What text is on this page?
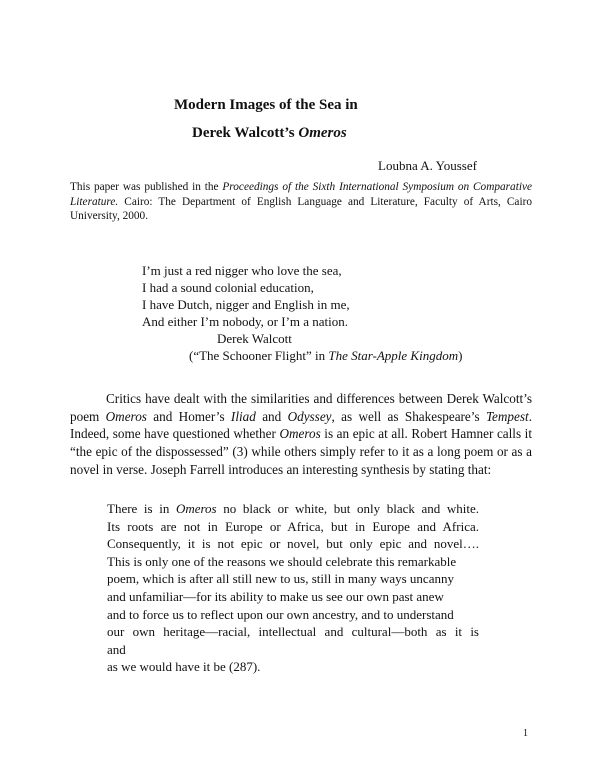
Modern Images of the Sea in
Derek Walcott’s Omeros
Loubna A. Youssef
This paper was published in the Proceedings of the Sixth International Symposium on Comparative Literature. Cairo: The Department of English Language and Literature, Faculty of Arts, Cairo University, 2000.
I’m just a red nigger who love the sea,
I had a sound colonial education,
I have Dutch, nigger and English in me,
And either I’m nobody, or I’m a nation.
Derek Walcott
(“The Schooner Flight” in The Star-Apple Kingdom)
Critics have dealt with the similarities and differences between Derek Walcott’s poem Omeros and Homer’s Iliad and Odyssey, as well as Shakespeare’s Tempest. Indeed, some have questioned whether Omeros is an epic at all. Robert Hamner calls it “the epic of the dispossessed” (3) while others simply refer to it as a long poem or as a novel in verse. Joseph Farrell introduces an interesting synthesis by stating that:
There is in Omeros no black or white, but only black and white.
Its roots are not in Europe or Africa, but in Europe and Africa.
Consequently, it is not epic or novel, but only epic and novel….
This is only one of the reasons we should celebrate this remarkable
poem, which is after all still new to us, still in many ways uncanny
and unfamiliar—for its ability to make us see our own past anew
and to force us to reflect upon our own ancestry, and to understand
our own heritage—racial, intellectual and cultural—both as it is
and
as we would have it be (287).
1
